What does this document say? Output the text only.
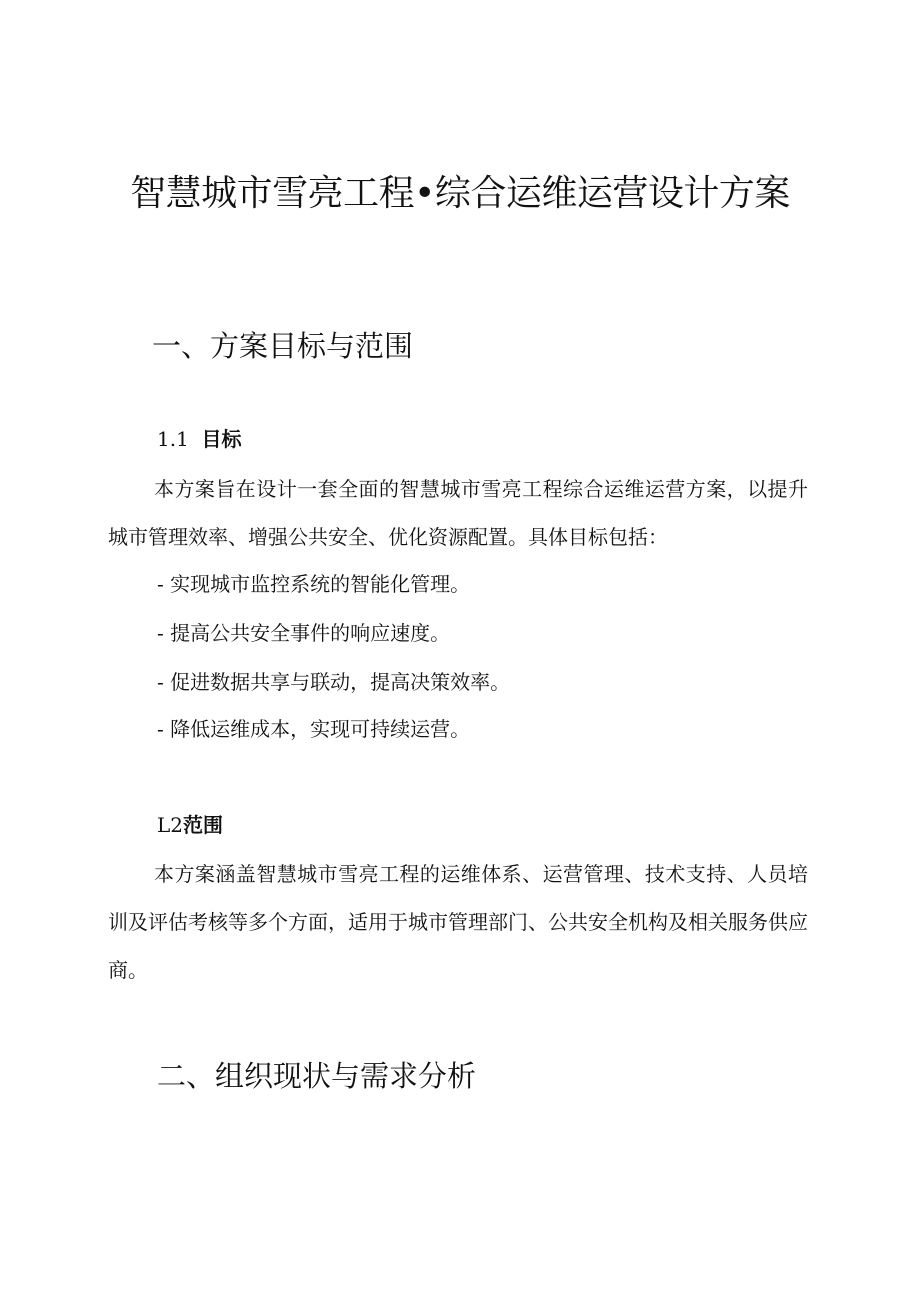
智慧城市雪亮工程•综合运维运营设计方案
一、方案目标与范围
1.1 目标
本方案旨在设计一套全面的智慧城市雪亮工程综合运维运营方案，以提升城市管理效率、增强公共安全、优化资源配置。具体目标包括：
- 实现城市监控系统的智能化管理。
- 提高公共安全事件的响应速度。
- 促进数据共享与联动，提高决策效率。
- 降低运维成本，实现可持续运营。
L2范围
本方案涵盖智慧城市雪亮工程的运维体系、运营管理、技术支持、人员培训及评估考核等多个方面，适用于城市管理部门、公共安全机构及相关服务供应商。
二、组织现状与需求分析
